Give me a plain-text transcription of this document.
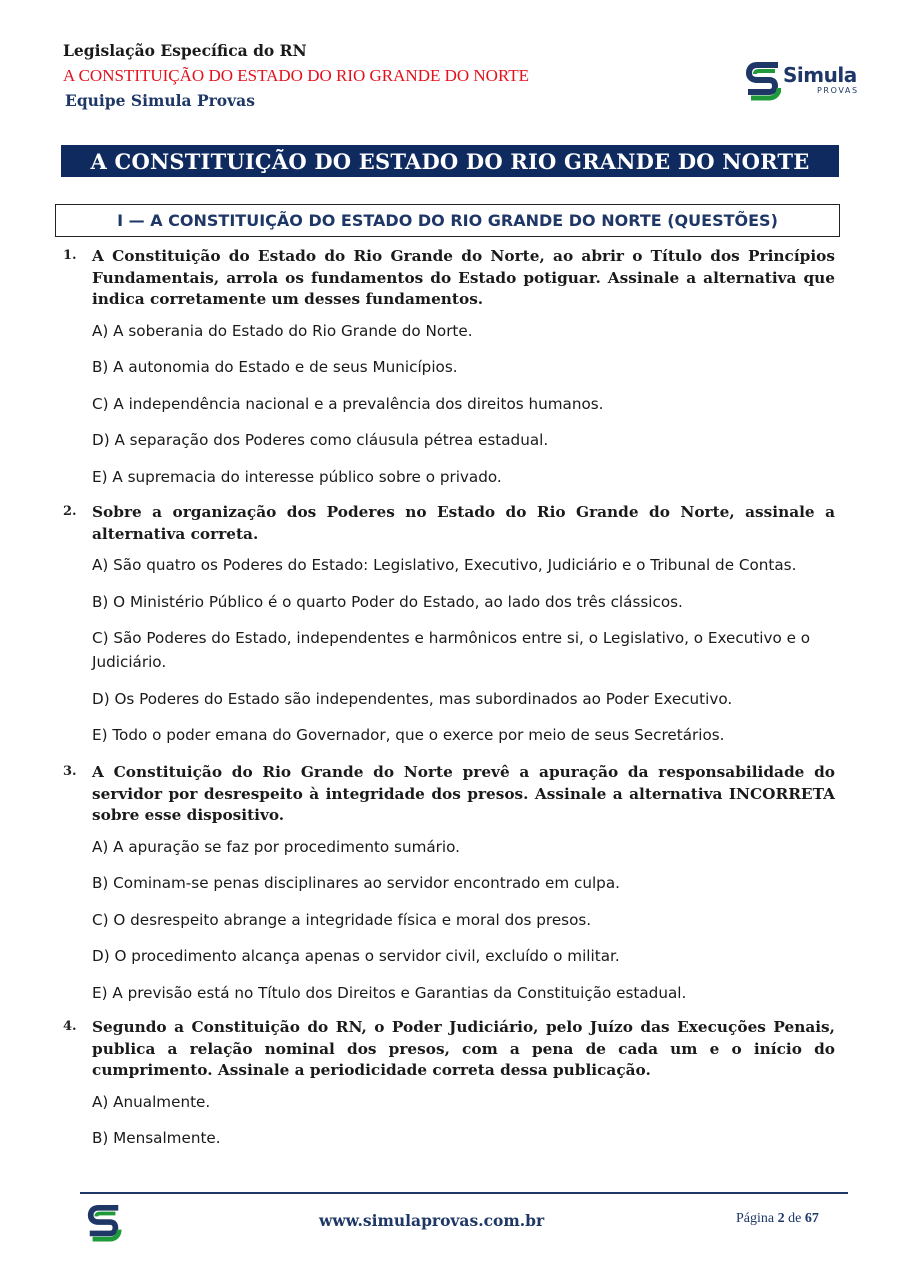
Legislação Específica do RN
A CONSTITUIÇÃO DO ESTADO DO RIO GRANDE DO NORTE
Equipe Simula Provas
Simula
PROVAS
A CONSTITUIÇÃO DO ESTADO DO RIO GRANDE DO NORTE
I — A CONSTITUIÇÃO DO ESTADO DO RIO GRANDE DO NORTE (QUESTÕES)
1. A Constituição do Estado do Rio Grande do Norte, ao abrir o Título dos Princípios Fundamentais, arrola os fundamentos do Estado potiguar. Assinale a alternativa que indica corretamente um desses fundamentos.
A) A soberania do Estado do Rio Grande do Norte.
B) A autonomia do Estado e de seus Municípios.
C) A independência nacional e a prevalência dos direitos humanos.
D) A separação dos Poderes como cláusula pétrea estadual.
E) A supremacia do interesse público sobre o privado.
2. Sobre a organização dos Poderes no Estado do Rio Grande do Norte, assinale a alternativa correta.
A) São quatro os Poderes do Estado: Legislativo, Executivo, Judiciário e o Tribunal de Contas.
B) O Ministério Público é o quarto Poder do Estado, ao lado dos três clássicos.
C) São Poderes do Estado, independentes e harmônicos entre si, o Legislativo, o Executivo e o Judiciário.
D) Os Poderes do Estado são independentes, mas subordinados ao Poder Executivo.
E) Todo o poder emana do Governador, que o exerce por meio de seus Secretários.
3. A Constituição do Rio Grande do Norte prevê a apuração da responsabilidade do servidor por desrespeito à integridade dos presos. Assinale a alternativa INCORRETA sobre esse dispositivo.
A) A apuração se faz por procedimento sumário.
B) Cominam-se penas disciplinares ao servidor encontrado em culpa.
C) O desrespeito abrange a integridade física e moral dos presos.
D) O procedimento alcança apenas o servidor civil, excluído o militar.
E) A previsão está no Título dos Direitos e Garantias da Constituição estadual.
4. Segundo a Constituição do RN, o Poder Judiciário, pelo Juízo das Execuções Penais, publica a relação nominal dos presos, com a pena de cada um e o início do cumprimento. Assinale a periodicidade correta dessa publicação.
A) Anualmente.
B) Mensalmente.
www.simulaprovas.com.br	Página 2 de 67
